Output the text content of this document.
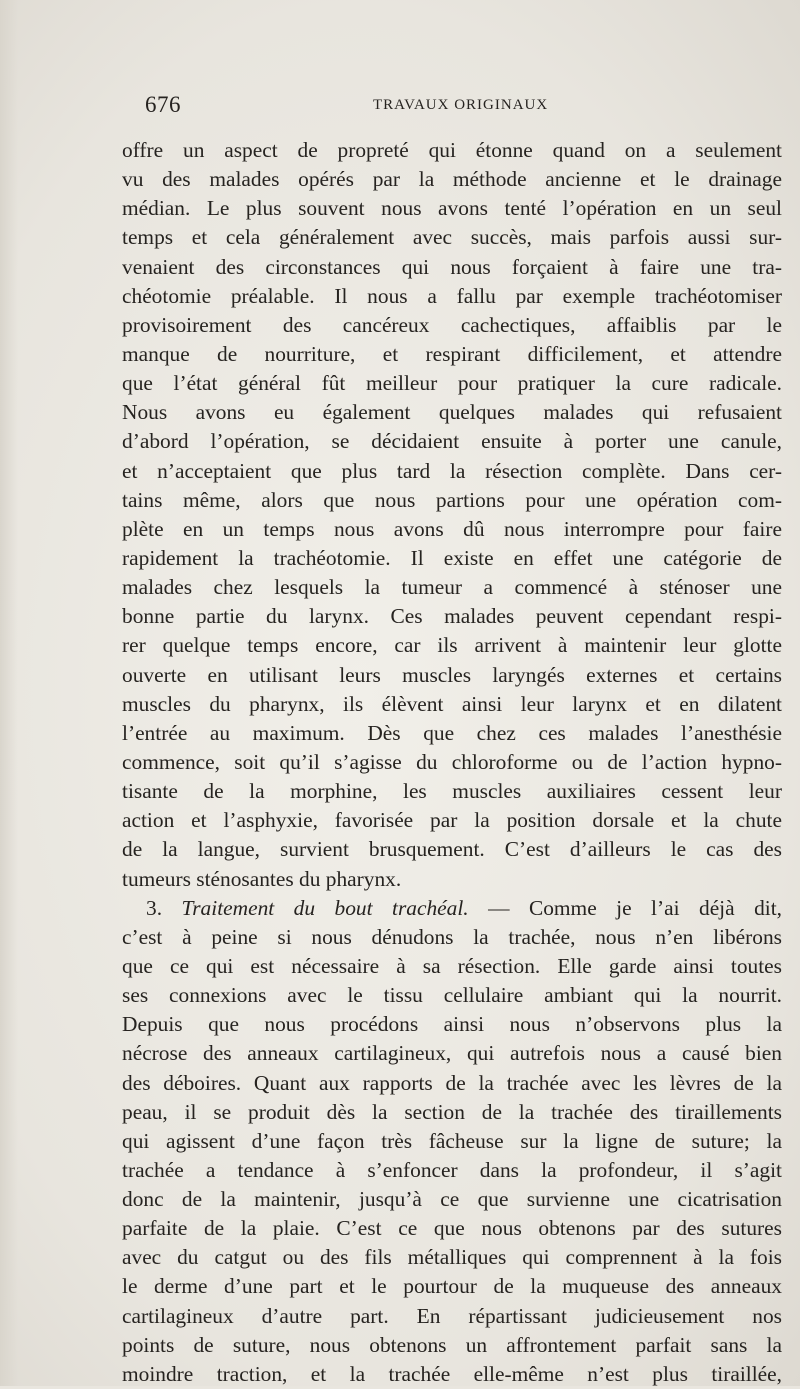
676	TRAVAUX ORIGINAUX
offre un aspect de propreté qui étonne quand on a seulement
vu des malades opérés par la méthode ancienne et le drainage
médian. Le plus souvent nous avons tenté l’opération en un seul
temps et cela généralement avec succès, mais parfois aussi sur-
venaient des circonstances qui nous forçaient à faire une tra-
chéotomie préalable. Il nous a fallu par exemple trachéotomiser
provisoirement des cancéreux cachectiques, affaiblis par le
manque de nourriture, et respirant difficilement, et attendre
que l’état général fût meilleur pour pratiquer la cure radicale.
Nous avons eu également quelques malades qui refusaient
d’abord l’opération, se décidaient ensuite à porter une canule,
et n’acceptaient que plus tard la résection complète. Dans cer-
tains même, alors que nous partions pour une opération com-
plète en un temps nous avons dû nous interrompre pour faire
rapidement la trachéotomie. Il existe en effet une catégorie de
malades chez lesquels la tumeur a commencé à sténoser une
bonne partie du larynx. Ces malades peuvent cependant respi-
rer quelque temps encore, car ils arrivent à maintenir leur glotte
ouverte en utilisant leurs muscles laryngés externes et certains
muscles du pharynx, ils élèvent ainsi leur larynx et en dilatent
l’entrée au maximum. Dès que chez ces malades l’anesthésie
commence, soit qu’il s’agisse du chloroforme ou de l’action hypno-
tisante de la morphine, les muscles auxiliaires cessent leur
action et l’asphyxie, favorisée par la position dorsale et la chute
de la langue, survient brusquement. C’est d’ailleurs le cas des
tumeurs sténosantes du pharynx.
3. Traitement du bout trachéal. — Comme je l’ai déjà dit,
c’est à peine si nous dénudons la trachée, nous n’en libérons
que ce qui est nécessaire à sa résection. Elle garde ainsi toutes
ses connexions avec le tissu cellulaire ambiant qui la nourrit.
Depuis que nous procédons ainsi nous n’observons plus la
nécrose des anneaux cartilagineux, qui autrefois nous a causé bien
des déboires. Quant aux rapports de la trachée avec les lèvres de la
peau, il se produit dès la section de la trachée des tiraillements
qui agissent d’une façon très fâcheuse sur la ligne de suture; la
trachée a tendance à s’enfoncer dans la profondeur, il s’agit
donc de la maintenir, jusqu’à ce que survienne une cicatrisation
parfaite de la plaie. C’est ce que nous obtenons par des sutures
avec du catgut ou des fils métalliques qui comprennent à la fois
le derme d’une part et le pourtour de la muqueuse des anneaux
cartilagineux d’autre part. En répartissant judicieusement nos
points de suture, nous obtenons un affrontement parfait sans la
moindre traction, et la trachée elle-même n’est plus tiraillée,
